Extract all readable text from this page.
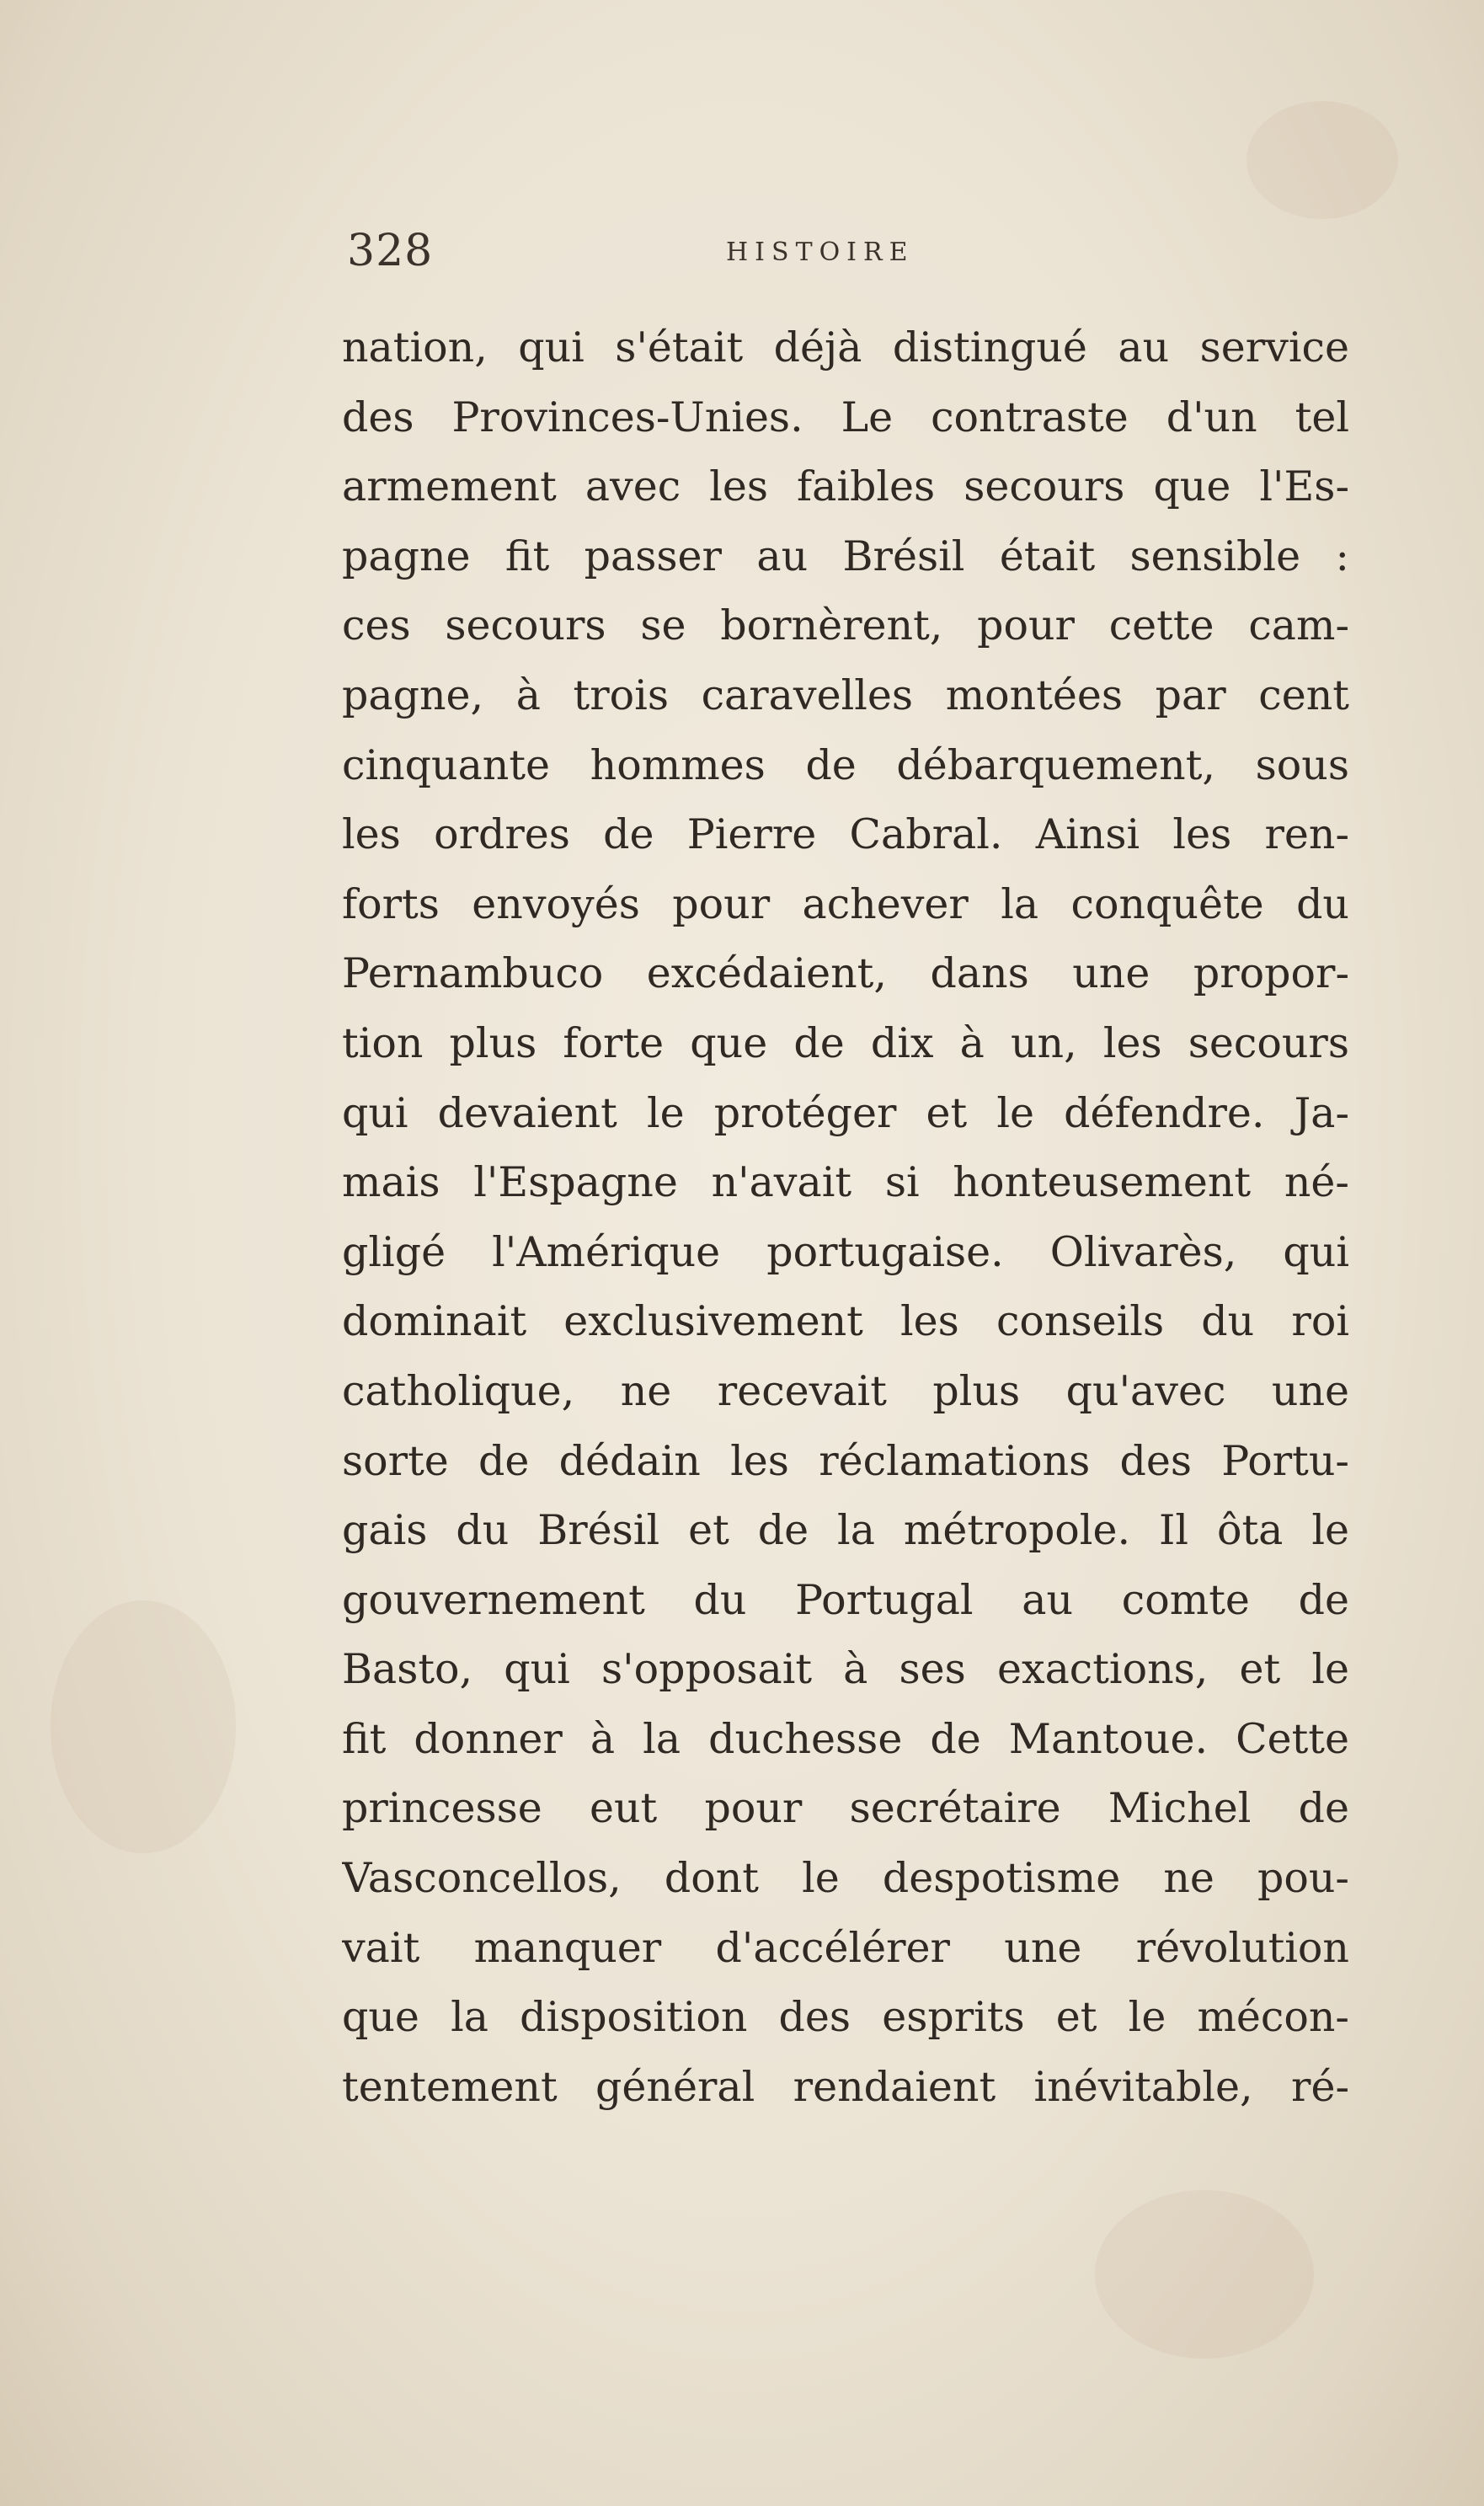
328	HISTOIRE
nation, qui s'était déjà distingué au service
des Provinces-Unies. Le contraste d'un tel
armement avec les faibles secours que l'Es-
pagne fit passer au Brésil était sensible :
ces secours se bornèrent, pour cette cam-
pagne, à trois caravelles montées par cent
cinquante hommes de débarquement, sous
les ordres de Pierre Cabral. Ainsi les ren-
forts envoyés pour achever la conquête du
Pernambuco excédaient, dans une propor-
tion plus forte que de dix à un, les secours
qui devaient le protéger et le défendre. Ja-
mais l'Espagne n'avait si honteusement né-
gligé l'Amérique portugaise. Olivarès, qui
dominait exclusivement les conseils du roi
catholique, ne recevait plus qu'avec une
sorte de dédain les réclamations des Portu-
gais du Brésil et de la métropole. Il ôta le
gouvernement du Portugal au comte de
Basto, qui s'opposait à ses exactions, et le
fit donner à la duchesse de Mantoue. Cette
princesse eut pour secrétaire Michel de
Vasconcellos, dont le despotisme ne pou-
vait manquer d'accélérer une révolution
que la disposition des esprits et le mécon-
tentement général rendaient inévitable, ré-
